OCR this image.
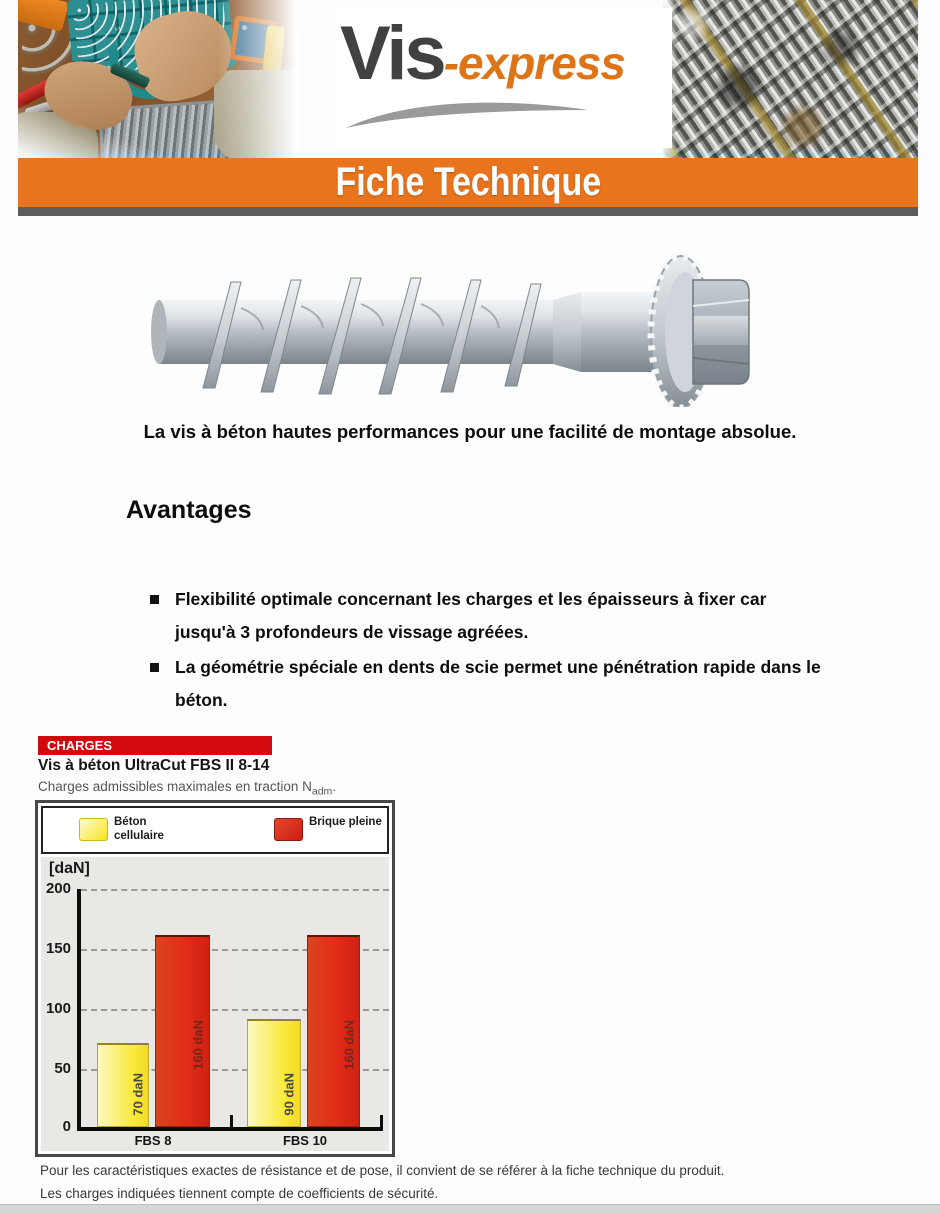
Vis-express
Fiche Technique
La vis à béton hautes performances pour une facilité de montage absolue.
Avantages
Flexibilité optimale concernant les charges et les épaisseurs à fixer car jusqu'à 3 profondeurs de vissage agréées.
La géométrie spéciale en dents de scie permet une pénétration rapide dans le béton.
CHARGES
Vis à béton UltraCut FBS II 8-14
Charges admissibles maximales en traction $N_{adm}$.
Béton cellulaire
Brique pleine
[daN]
200
150
100
50
0
70 daN
160 daN
90 daN
160 daN
FBS 8	FBS 10
Pour les caractéristiques exactes de résistance et de pose, il convient de se référer à la fiche technique du produit.
Les charges indiquées tiennent compte de coefficients de sécurité.
